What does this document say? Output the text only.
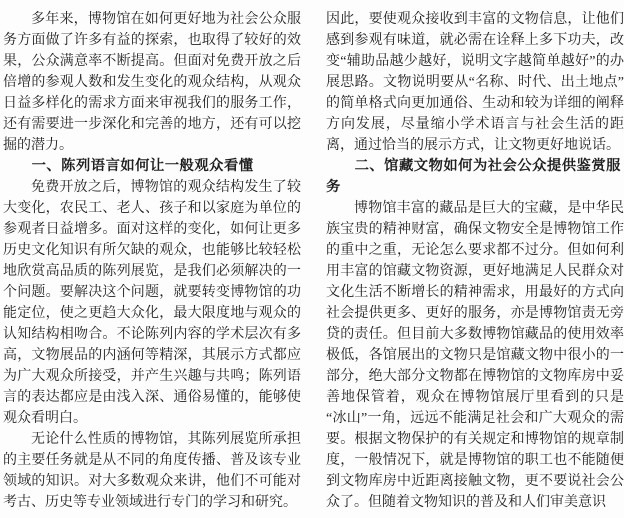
多年来，博物馆在如何更好地为社会公众服务方面做了许多有益的探索，也取得了较好的效果，公众满意率不断提高。但面对免费开放之后倍增的参观人数和发生变化的观众结构，从观众日益多样化的需求方面来审视我们的服务工作，还有需要进一步深化和完善的地方，还有可以挖掘的潜力。

一、陈列语言如何让一般观众看懂

免费开放之后，博物馆的观众结构发生了较大变化，农民工、老人、孩子和以家庭为单位的参观者日益增多。面对这样的变化，如何让更多历史文化知识有所欠缺的观众，也能够比较轻松地欣赏高品质的陈列展览，是我们必须解决的一个问题。要解决这个问题，就要转变博物馆的功能定位，使之更趋大众化，最大限度地与观众的认知结构相吻合。不论陈列内容的学术层次有多高，文物展品的内涵何等精深，其展示方式都应为广大观众所接受，并产生兴趣与共鸣；陈列语言的表达都应是由浅入深、通俗易懂的，能够使观众看明白。

无论什么性质的博物馆，其陈列展览所承担的主要任务就是从不同的角度传播、普及该专业领域的知识。对大多数观众来讲，他们不可能对考古、历史等专业领域进行专门的学习和研究。

因此，要使观众接收到丰富的文物信息，让他们感到参观有味道，就必需在诠释上多下功夫，改变“辅助品越少越好，说明文字越简单越好”的办展思路。文物说明要从“名称、时代、出土地点”的简单格式向更加通俗、生动和较为详细的阐释方向发展，尽量缩小学术语言与社会生活的距离，通过恰当的展示方式，让文物更好地说话。

二、馆藏文物如何为社会公众提供鉴赏服务

博物馆丰富的藏品是巨大的宝藏，是中华民族宝贵的精神财富，确保文物安全是博物馆工作的重中之重，无论怎么要求都不过分。但如何利用丰富的馆藏文物资源，更好地满足人民群众对文化生活不断增长的精神需求，用最好的方式向社会提供更多、更好的服务，亦是博物馆责无旁贷的责任。但目前大多数博物馆藏品的使用效率极低，各馆展出的文物只是馆藏文物中很小的一部分，绝大部分文物都在博物馆的文物库房中妥善地保管着，观众在博物馆展厅里看到的只是“冰山”一角，远远不能满足社会和广大观众的需要。根据文物保护的有关规定和博物馆的规章制度，一般情况下，就是博物馆的职工也不能随便到文物库房中近距离接触文物，更不要说社会公众了。但随着文物知识的普及和人们审美意识
